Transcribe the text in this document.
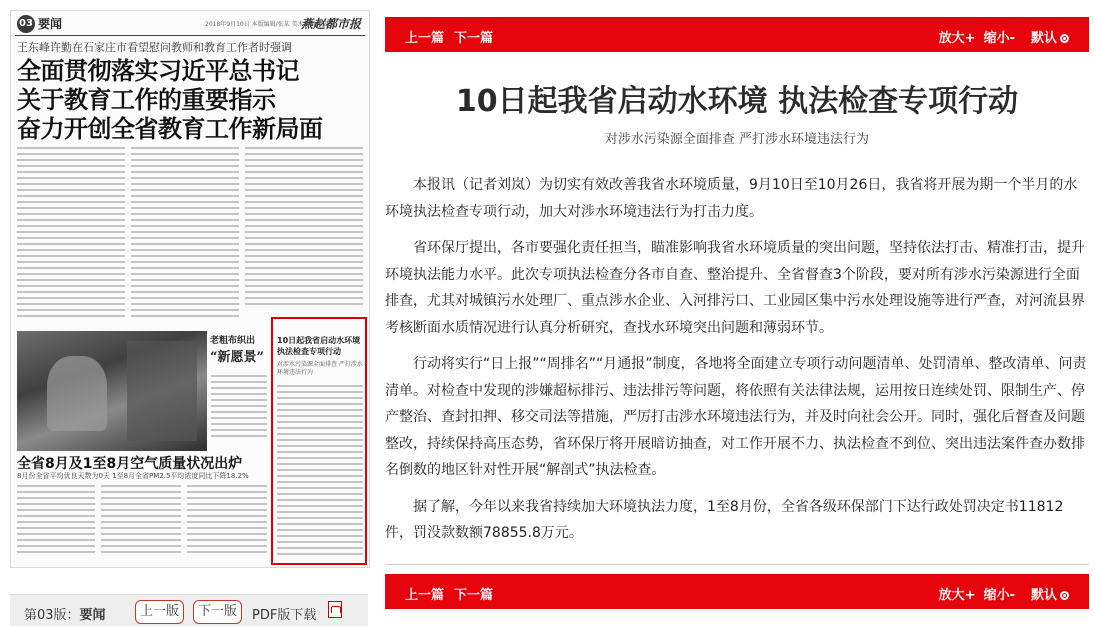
03 要闻	2018年9月10日 本版编辑/张某 美术编辑/某某某
燕赵都市报
王东峰许勤在石家庄市看望慰问教师和教育工作者时强调
全面贯彻落实习近平总书记
关于教育工作的重要指示
奋力开创全省教育工作新局面
老粗布织出
“新愿景”
10日起我省启动水环境执法检查专项行动
对涉水污染源全面排查 严打涉水环境违法行为
全省8月及1至8月空气质量状况出炉
8月份全省平均优良天数为0天 1至8月全省PM2.5平均浓度同比下降18.2%
第03版：要闻	上一版	下一版	PDF版下载
上一篇 下一篇	放大+ 缩小- 默认
10日起我省启动水环境 执法检查专项行动
对涉水污染源全面排查 严打涉水环境违法行为

本报讯（记者刘岚）为切实有效改善我省水环境质量，9月10日至10月26日，我省将开展为期一个半月的水环境执法检查专项行动，加大对涉水环境违法行为打击力度。

省环保厅提出，各市要强化责任担当，瞄准影响我省水环境质量的突出问题，坚持依法打击、精准打击，提升环境执法能力水平。此次专项执法检查分各市自查、整治提升、全省督查3个阶段，要对所有涉水污染源进行全面排查，尤其对城镇污水处理厂、重点涉水企业、入河排污口、工业园区集中污水处理设施等进行严查，对河流县界考核断面水质情况进行认真分析研究，查找水环境突出问题和薄弱环节。

行动将实行“日上报”“周排名”“月通报”制度，各地将全面建立专项行动问题清单、处罚清单、整改清单、问责清单。对检查中发现的涉嫌超标排污、违法排污等问题，将依照有关法律法规，运用按日连续处罚、限制生产、停产整治、查封扣押、移交司法等措施，严厉打击涉水环境违法行为，并及时向社会公开。同时，强化后督查及问题整改，持续保持高压态势，省环保厅将开展暗访抽查，对工作开展不力、执法检查不到位、突出违法案件查办数排名倒数的地区针对性开展“解剖式”执法检查。

据了解，今年以来我省持续加大环境执法力度，1至8月份，全省各级环保部门下达行政处罚决定书11812件，罚没款数额78855.8万元。

上一篇 下一篇	放大+ 缩小- 默认
